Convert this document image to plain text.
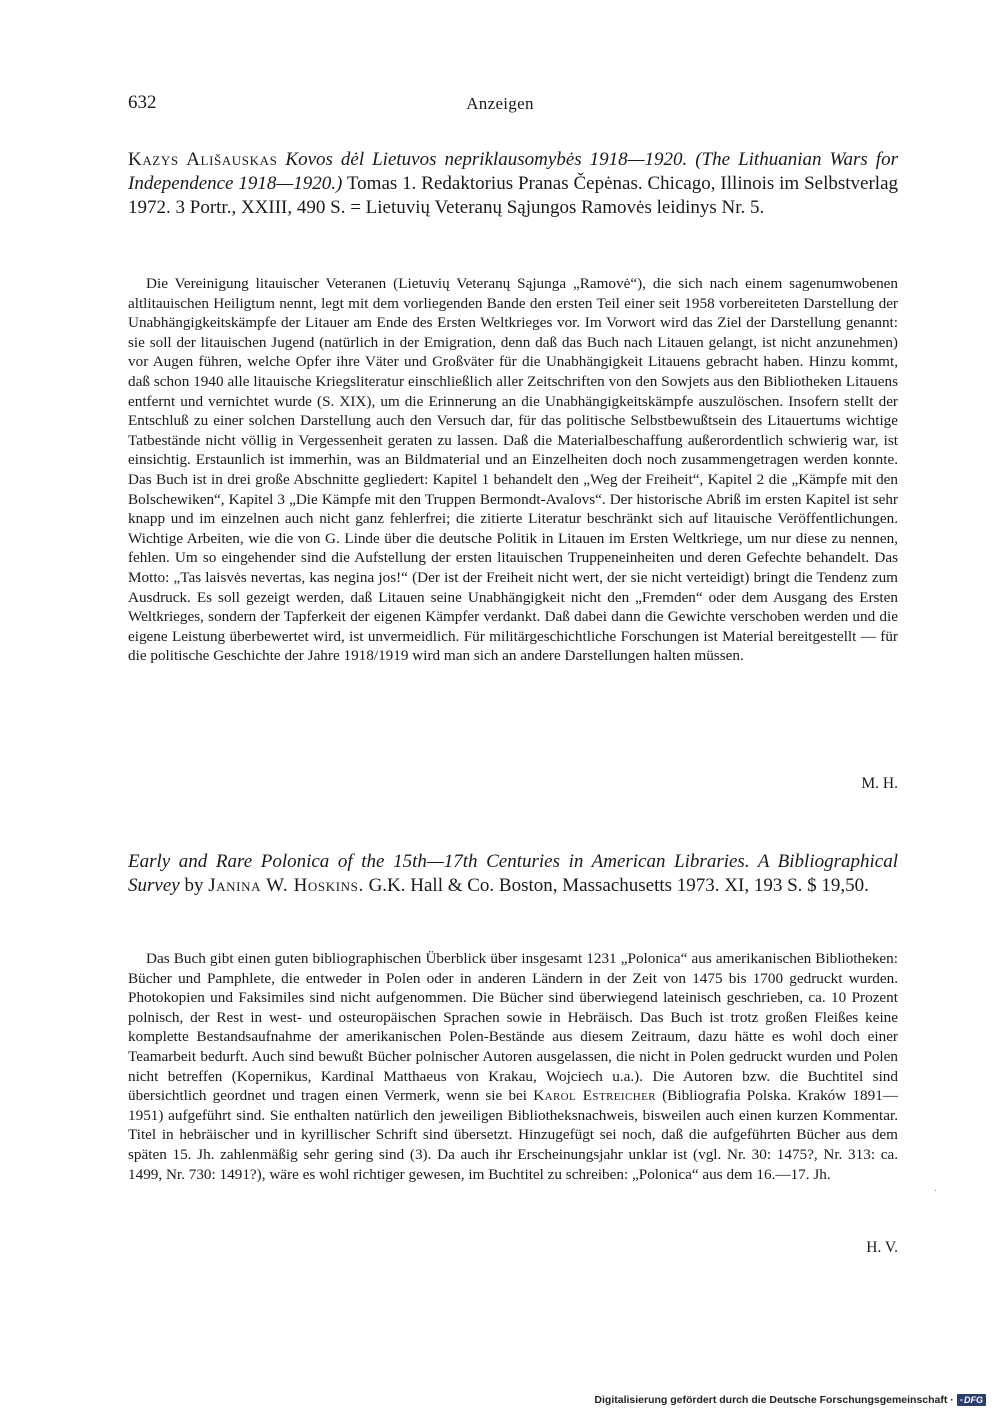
632	Anzeigen
Kazys Ališauskas Kovos dėl Lietuvos nepriklausomybės 1918—1920. (The Lithuanian Wars for Independence 1918—1920.) Tomas 1. Redaktorius Pranas Čepėnas. Chicago, Illinois im Selbstverlag 1972. 3 Portr., XXIII, 490 S. = Lietuvių Veteranų Sąjungos Ramovės leidinys Nr. 5.

Die Vereinigung litauischer Veteranen (Lietuvių Veteranų Sąjunga „Ramovė“), die sich nach einem sagenumwobenen altlitauischen Heiligtum nennt, legt mit dem vorliegenden Bande den ersten Teil einer seit 1958 vorbereiteten Darstellung der Unabhängigkeitskämpfe der Litauer am Ende des Ersten Weltkrieges vor. Im Vorwort wird das Ziel der Darstellung genannt: sie soll der litauischen Jugend (natürlich in der Emigration, denn daß das Buch nach Litauen gelangt, ist nicht anzunehmen) vor Augen führen, welche Opfer ihre Väter und Großväter für die Unabhängigkeit Litauens gebracht haben. Hinzu kommt, daß schon 1940 alle litauische Kriegsliteratur einschließlich aller Zeitschriften von den Sowjets aus den Bibliotheken Litauens entfernt und vernichtet wurde (S. XIX), um die Erinnerung an die Unabhängigkeitskämpfe auszulöschen. Insofern stellt der Entschluß zu einer solchen Darstellung auch den Versuch dar, für das politische Selbstbewußtsein des Litauertums wichtige Tatbestände nicht völlig in Vergessenheit geraten zu lassen. Daß die Materialbeschaffung außerordentlich schwierig war, ist einsichtig. Erstaunlich ist immerhin, was an Bildmaterial und an Einzelheiten doch noch zusammengetragen werden konnte. Das Buch ist in drei große Abschnitte gegliedert: Kapitel 1 behandelt den „Weg der Freiheit“, Kapitel 2 die „Kämpfe mit den Bolschewiken“, Kapitel 3 „Die Kämpfe mit den Truppen Bermondt-Avalovs“. Der historische Abriß im ersten Kapitel ist sehr knapp und im einzelnen auch nicht ganz fehlerfrei; die zitierte Literatur beschränkt sich auf litauische Veröffentlichungen. Wichtige Arbeiten, wie die von G. Linde über die deutsche Politik in Litauen im Ersten Weltkriege, um nur diese zu nennen, fehlen. Um so eingehender sind die Aufstellung der ersten litauischen Truppeneinheiten und deren Gefechte behandelt. Das Motto: „Tas laisvės nevertas, kas negina jos!“ (Der ist der Freiheit nicht wert, der sie nicht verteidigt) bringt die Tendenz zum Ausdruck. Es soll gezeigt werden, daß Litauen seine Unabhängigkeit nicht den „Fremden“ oder dem Ausgang des Ersten Weltkrieges, sondern der Tapferkeit der eigenen Kämpfer verdankt. Daß dabei dann die Gewichte verschoben werden und die eigene Leistung überbewertet wird, ist unvermeidlich. Für militärgeschichtliche Forschungen ist Material bereitgestellt — für die politische Geschichte der Jahre 1918/1919 wird man sich an andere Darstellungen halten müssen.

M. H.
Early and Rare Polonica of the 15th—17th Centuries in American Libraries. A Bibliographical Survey by Janina W. Hoskins. G.K. Hall & Co. Boston, Massachusetts 1973. XI, 193 S. $ 19,50.

Das Buch gibt einen guten bibliographischen Überblick über insgesamt 1231 „Polonica“ aus amerikanischen Bibliotheken: Bücher und Pamphlete, die entweder in Polen oder in anderen Ländern in der Zeit von 1475 bis 1700 gedruckt wurden. Photokopien und Faksimiles sind nicht aufgenommen. Die Bücher sind überwiegend lateinisch geschrieben, ca. 10 Prozent polnisch, der Rest in west- und osteuropäischen Sprachen sowie in Hebräisch. Das Buch ist trotz großen Fleißes keine komplette Bestandsaufnahme der amerikanischen Polen-Bestände aus diesem Zeitraum, dazu hätte es wohl doch einer Teamarbeit bedurft. Auch sind bewußt Bücher polnischer Autoren ausgelassen, die nicht in Polen gedruckt wurden und Polen nicht betreffen (Kopernikus, Kardinal Matthaeus von Krakau, Wojciech u.a.). Die Autoren bzw. die Buchtitel sind übersichtlich geordnet und tragen einen Vermerk, wenn sie bei Karol Estreicher (Bibliografia Polska. Kraków 1891—1951) aufgeführt sind. Sie enthalten natürlich den jeweiligen Bibliotheksnachweis, bisweilen auch einen kurzen Kommentar. Titel in hebräischer und in kyrillischer Schrift sind übersetzt. Hinzugefügt sei noch, daß die aufgeführten Bücher aus dem späten 15. Jh. zahlenmäßig sehr gering sind (3). Da auch ihr Erscheinungsjahr unklar ist (vgl. Nr. 30: 1475?, Nr. 313: ca. 1499, Nr. 730: 1491?), wäre es wohl richtiger gewesen, im Buchtitel zu schreiben: „Polonica“ aus dem 16.—17. Jh.

H. V.
·
Digitalisierung gefördert durch die Deutsche Forschungsgemeinschaft · ▪DFG
